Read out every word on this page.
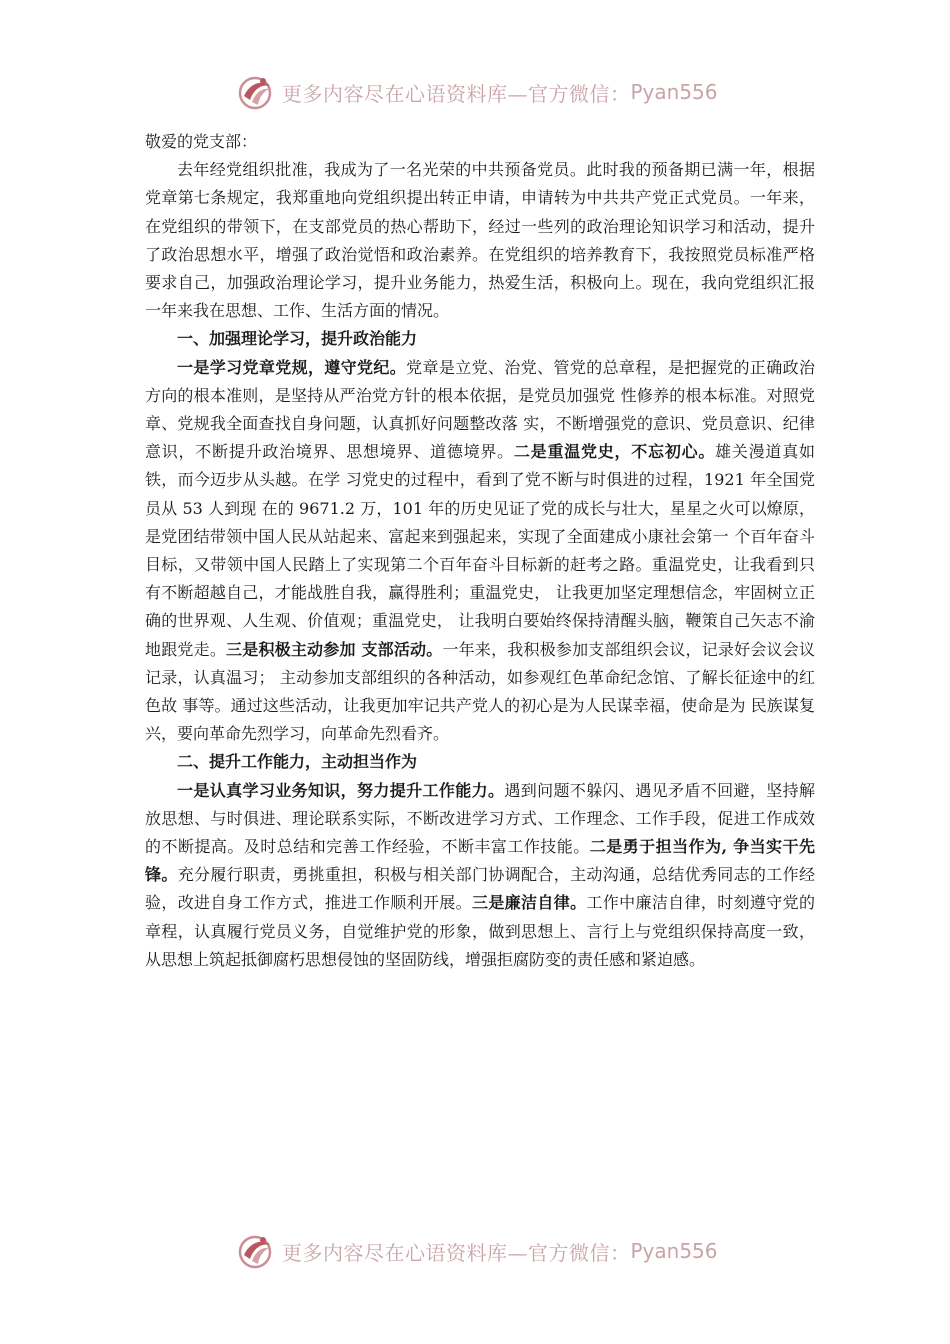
更多内容尽在心语资料库—官方微信： Pyan556

敬爱的党支部：

去年经党组织批准，我成为了一名光荣的中共预备党员。此时我的预备期已满一年，根据党章第七条规定，我郑重地向党组织提出转正申请，申请转为中共共产党正式党员。一年来，在党组织的带领下，在支部党员的热心帮助下，经过一些列的政治理论知识学习和活动，提升了政治思想水平，增强了政治觉悟和政治素养。在党组织的培养教育下，我按照党员标准严格要求自己，加强政治理论学习，提升业务能力，热爱生活，积极向上。现在，我向党组织汇报一年来我在思想、工作、生活方面的情况。

一、加强理论学习，提升政治能力

一是学习党章党规，遵守党纪。党章是立党、治党、管党的总章程，是把握党的正确政治方向的根本准则，是坚持从严治党方针的根本依据，是党员加强党 性修养的根本标准。对照党章、党规我全面查找自身问题，认真抓好问题整改落 实，不断增强党的意识、党员意识、纪律意识，不断提升政治境界、思想境界、道德境界。二是重温党史，不忘初心。雄关漫道真如铁，而今迈步从头越。在学 习党史的过程中，看到了党不断与时俱进的过程，1921 年全国党员从 53 人到现 在的 9671.2 万，101 年的历史见证了党的成长与壮大，星星之火可以燎原，是党团结带领中国人民从站起来、富起来到强起来，实现了全面建成小康社会第一 个百年奋斗目标，又带领中国人民踏上了实现第二个百年奋斗目标新的赶考之路。重温党史，让我看到只有不断超越自己，才能战胜自我，赢得胜利；重温党史， 让我更加坚定理想信念，牢固树立正确的世界观、人生观、价值观；重温党史， 让我明白要始终保持清醒头脑，鞭策自己矢志不渝地跟党走。三是积极主动参加 支部活动。一年来，我积极参加支部组织会议，记录好会议会议记录，认真温习； 主动参加支部组织的各种活动，如参观红色革命纪念馆、了解长征途中的红色故 事等。通过这些活动，让我更加牢记共产党人的初心是为人民谋幸福，使命是为 民族谋复兴，要向革命先烈学习，向革命先烈看齐。

二、提升工作能力，主动担当作为

一是认真学习业务知识，努力提升工作能力。遇到问题不躲闪、遇见矛盾不回避，坚持解放思想、与时俱进、理论联系实际，不断改进学习方式、工作理念、工作手段，促进工作成效的不断提高。及时总结和完善工作经验，不断丰富工作技能。二是勇于担当作为, 争当实干先锋。充分履行职责，勇挑重担，积极与相关部门协调配合，主动沟通，总结优秀同志的工作经验，改进自身工作方式，推进工作顺利开展。三是廉洁自律。工作中廉洁自律，时刻遵守党的章程，认真履行党员义务，自觉维护党的形象，做到思想上、言行上与党组织保持高度一致， 从思想上筑起抵御腐朽思想侵蚀的坚固防线，增强拒腐防变的责任感和紧迫感。

更多内容尽在心语资料库—官方微信： Pyan556
